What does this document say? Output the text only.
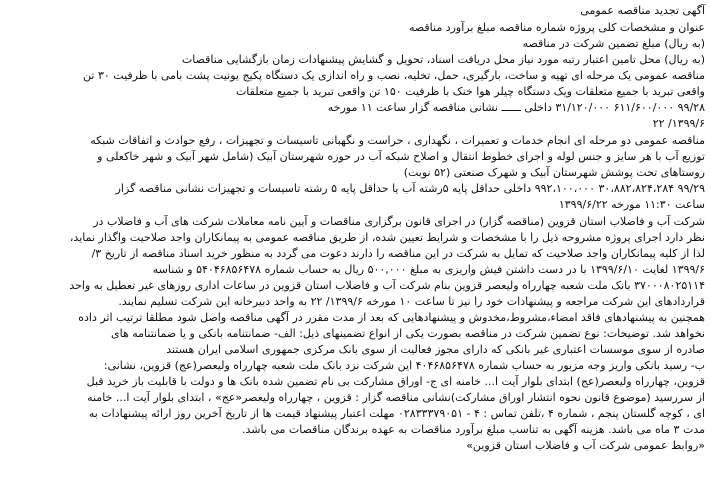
آگهی تجدید مناقصه عمومی

عنوان و مشخصات کلی پروژه شماره مناقصه مبلغ برآورد مناقصه

(به ریال) مبلغ تضمین شرکت در مناقصه

(به ریال) محل تامین اعتبار رتبه مورد نیاز محل دریافت اسناد، تحویل و گشایش پیشنهادات زمان بازگشایی مناقصات

مناقصه عمومی یک مرحله ای تهیه و ساخت، بارگیری، حمل، تخلیه، نصب و راه اندازی یک دستگاه پکیج یونیت پشت بامی با ظرفیت ۳۰ تن

واقعی تبرید با جمیع متعلقات ویک دستگاه چیلر هوا خنک با ظرفیت ۱۵۰ تن واقعی تبرید با جمیع متعلقات

۹۹/۲۸ ۶۱۱/۶۰۰/۰۰۰ ۳۱/۱۲۰/۰۰۰ داخلی ــــــ نشانی مناقصه گزار ساعت ۱۱ مورخه

۱۳۹۹/۶/ ۲۲

مناقصه عمومی دو مرحله ای انجام خدمات و تعمیرات ، نگهداری ، حراست و نگهبانی تاسیسات و تجهیزات ، رفع حوادث و اتفاقات شبکه

توزیع آب با هر سایز و جنس لوله و اجرای خطوط انتقال و اصلاح شبکه آب در حوزه شهرستان آبیک (شامل شهر آبیک و شهر خاکعلی و

روستاهای تحت پوشش شهرستان آبیک و شهرک صنعتی (۵۲ نوبت)

۹۹/۲۹ ۳۰،۸۸۲،۸۲۴،۲۸۴ ۹۹۲،۱۰۰،۰۰۰ داخلی حداقل پایه ۵رشته آب یا حداقل پایه ۵ رشته تاسیسات و تجهیزات نشانی مناقصه گزار

ساعت ۱۱:۳۰ مورخه ۱۳۹۹/۶/۲۲

شرکت آب و فاضلاب استان قزوین (مناقصه گزار) در اجرای قانون برگزاری مناقصات و آیین نامه معاملات شرکت های آب و فاضلاب در

نظر دارد اجرای پروژه مشروحه ذیل را با مشخصات و شرایط تعیین شده، از طریق مناقصه عمومی به پیمانکاران واجد صلاحیت واگذار نماید،

لذا از کلیه پیمانکاران واجد صلاحیت که تمایل به شرکت در این مناقصه را دارند دعوت می گردد به منظور خرید اسناد مناقصه از تاریخ ۳/

۱۳۹۹/۶ لغایت ۱۳۹۹/۶/۱۰ با در دست داشتن فیش واریزی به مبلغ ۵۰۰,۰۰۰ ریال به حساب شماره ۵۴۰۴۶۸۵۶۴۷۸ و شناسه

۳۷۰۰۰۸۰۲۵۱۱۴ بانک ملت شعبه چهارراه ولیعصر قزوین بنام شرکت آب و فاضلاب استان قزوین در ساعات اداری روزهای غیر تعطیل به واحد

قراردادهای این شرکت مراجعه و پیشنهادات خود را نیز تا ساعت ۱۰ مورخه ۱۳۹۹/۶/ ۲۲ به واحد دبیرخانه این شرکت تسلیم نمایند.

همچنین به پیشنهادهای فاقد امضاء،مشروط،مخدوش و پیشنهادهایی که بعد از مدت مقرر در آگهی مناقصه واصل شود مطلقا ترتیب اثر داده

نخواهد شد. توضیحات: نوع تضمین شرکت در مناقصه بصورت یکی از انواع تضمینهای ذیل: الف- ضمانتنامه بانکی و یا ضمانتنامه های

صادره از سوی موسسات اعتباری غیر بانکی که دارای مجوز فعالیت از سوی بانک مرکزی جمهوری اسلامی ایران هستند

ب- رسید بانکی واریز وجه مزبور به حساب شماره ۴۰۴۶۸۵۶۴۷۸ این شرکت نزد بانک ملت شعبه چهارراه ولیعصر(عج) قزوین، نشانی:

قزوین، چهارراه ولیعصر(عج) ابتدای بلوار آیت ا... خامنه ای ج- اوراق مشارکت بی نام تضمین شده بانک ها و دولت با قابلیت باز خرید قبل

از سررسید (موضوع قانون نحوه انتشار اوراق مشارکت)نشانی مناقصه گزار : قزوین ، چهارراه ولیعصر«عج» ، ابتدای بلوار آیت ا... خامنه

ای ، کوچه گلستان پنجم ، شماره ۴ ،تلفن تماس : ۴ - ۰۲۸۳۳۳۷۹۰۵۱ مهلت اعتبار پیشنهاد قیمت ها از تاریخ آخرین روز ارائه پیشنهادات به

مدت ۳ ماه می باشد. هزینه آگهی به تناسب مبلغ برآورد مناقصات به عهده برندگان مناقصات می باشد.

«روابط عمومی شرکت آب و فاضلاب استان قزوین»
